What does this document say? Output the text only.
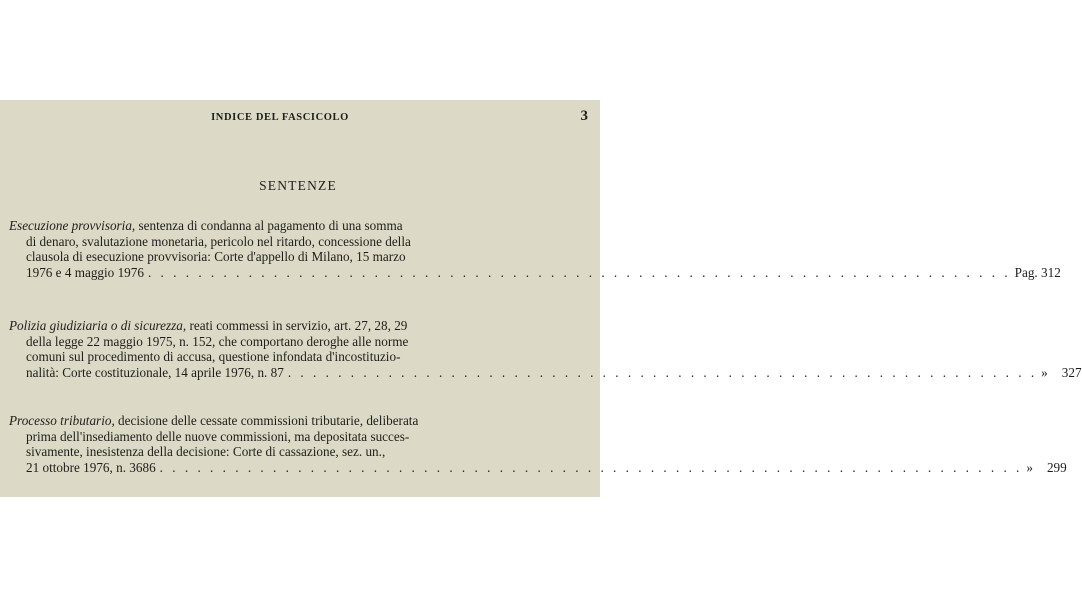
INDICE DEL FASCICOLO	3
SENTENZE
Esecuzione provvisoria, sentenza di condanna al pagamento di una somma
di denaro, svalutazione monetaria, pericolo nel ritardo, concessione della
clausola di esecuzione provvisoria: Corte d'appello di Milano, 15 marzo
1976 e 4 maggio 1976 . . . . . . . . . . . . . . . . . . . . . . . . . . . . . . . . . . . . . . . . . . . . . . . . . . . . . . . . . . . . . . . . . . . . . Pag. 312
Polizia giudiziaria o di sicurezza, reati commessi in servizio, art. 27, 28, 29
della legge 22 maggio 1975, n. 152, che comportano deroghe alle norme
comuni sul procedimento di accusa, questione infondata d'incostituzio-
nalità: Corte costituzionale, 14 aprile 1976, n. 87 . . . . . . . . . . . . . . . . . . . . . . . . . . . . . . . . . . . . . . . . . . . . . . . . . . . . . . . . . . . . » 327
Processo tributario, decisione delle cessate commissioni tributarie, deliberata
prima dell'insediamento delle nuove commissioni, ma depositata succes-
sivamente, inesistenza della decisione: Corte di cassazione, sez. un.,
21 ottobre 1976, n. 3686 . . . . . . . . . . . . . . . . . . . . . . . . . . . . . . . . . . . . . . . . . . . . . . . . . . . . . . . . . . . . . . . . . . . . . » 299
